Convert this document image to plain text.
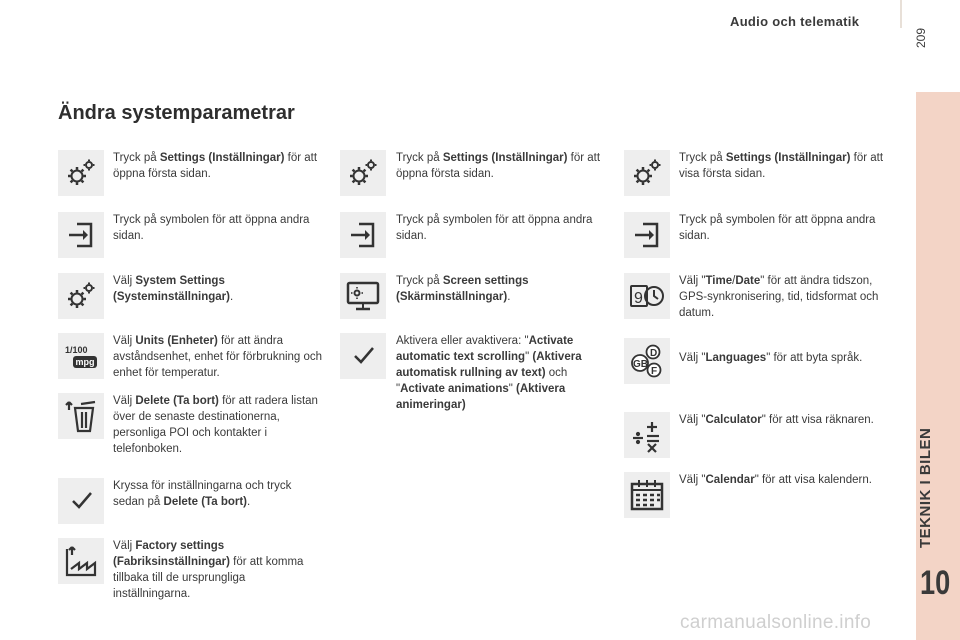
Audio och telematik
209
TEKNIK I BILEN
10
Ändra systemparametrar
Tryck på Settings (Inställningar) för att öppna första sidan.
Tryck på symbolen för att öppna andra sidan.
Välj System Settings (Systeminställningar).
1/100
mpg
Välj Units (Enheter) för att ändra avståndsenhet, enhet för förbrukning och enhet för temperatur.
Välj Delete (Ta bort) för att radera listan över de senaste destinationerna, personliga POI och kontakter i telefonboken.
Kryssa för inställningarna och tryck sedan på Delete (Ta bort).
Välj Factory settings (Fabriksinställningar) för att komma tillbaka till de ursprungliga inställningarna.
Tryck på Settings (Inställningar) för att öppna första sidan.
Tryck på symbolen för att öppna andra sidan.
Tryck på Screen settings (Skärminställningar).
Aktivera eller avaktivera: "Activate automatic text scrolling" (Aktivera automatisk rullning av text) och "Activate animations" (Aktivera animeringar)
Tryck på Settings (Inställningar) för att visa första sidan.
Tryck på symbolen för att öppna andra sidan.
9
Välj "Time/Date" för att ändra tidszon, GPS-synkronisering, tid, tidsformat och datum.
D
GB
F
Välj "Languages" för att byta språk.
Välj "Calculator" för att visa räknaren.
Välj "Calendar" för att visa kalendern.
carmanualsonline.info
